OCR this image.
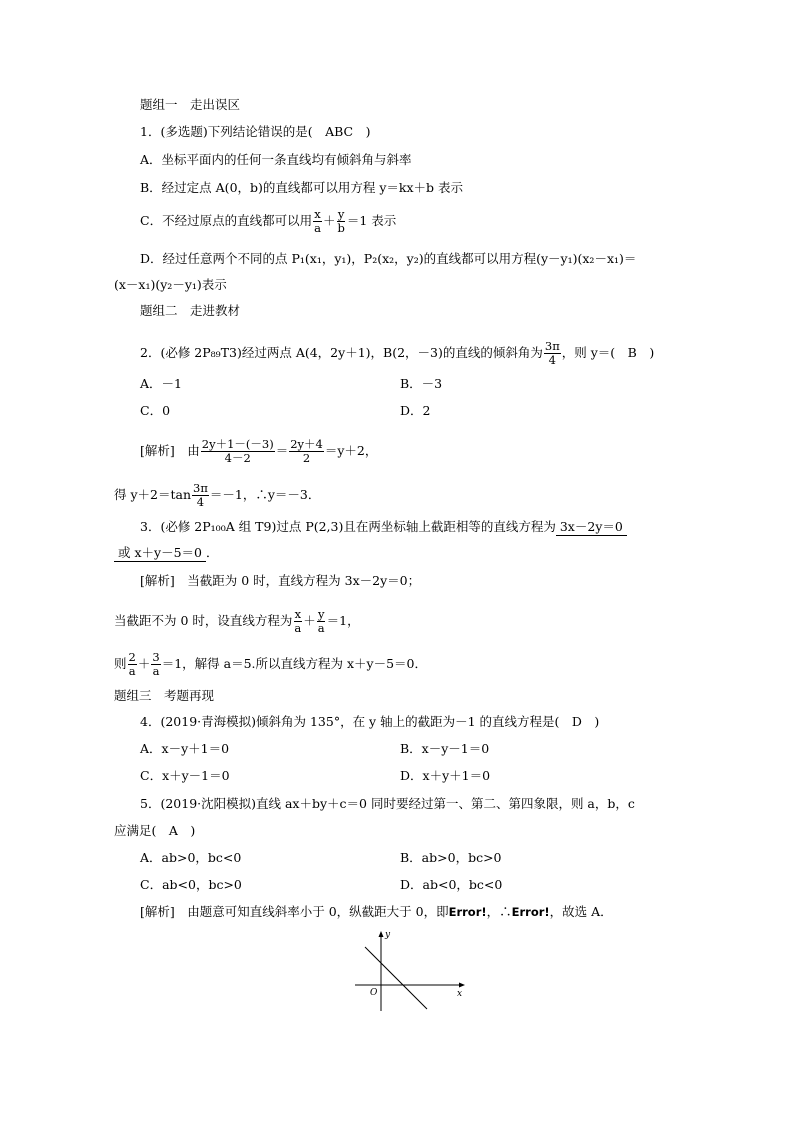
题组一　走出误区
1．(多选题)下列结论错误的是(　ABC　)
A．坐标平面内的任何一条直线均有倾斜角与斜率
B．经过定点 A(0，b)的直线都可以用方程 y＝kx＋b 表示
C．不经过原点的直线都可以用 $\frac{x}{a} + \frac{y}{b} =1$ 表示
D．经过任意两个不同的点 P₁(x₁，y₁)，P₂(x₂，y₂)的直线都可以用方程(y－y₁)(x₂－x₁)＝
(x－x₁)(y₂－y₁)表示
题组二　走进教材
2．(必修 2P₈₉T3)经过两点 A(4，2y＋1)，B(2，－3)的直线的倾斜角为 $\frac{3\pi}{4}$ ，则 y＝(　B　)
A．－1	B．－3
C．0	D．2
[解析]　由 $\frac{2y+1-(-3)}{4-2} = \frac{2y+4}{2} =y+2$，
得 $y+2=\tan \frac{3\pi}{4} =-1$，∴y＝－3．
3．(必修 2P₁₀₀A 组 T9)过点 P(2,3)且在两坐标轴上截距相等的直线方程为 3x－2y＝0
或 x＋y－5＝0 ．
[解析]　当截距为 0 时，直线方程为 3x－2y＝0；
当截距不为 0 时，设直线方程为 $\frac{x}{a} + \frac{y}{a} =1$，
则 $\frac{2}{a} + \frac{3}{a} =1$，解得 a＝5.所以直线方程为 x＋y－5＝0．
题组三　考题再现
4．(2019·青海模拟)倾斜角为 135°，在 y 轴上的截距为－1 的直线方程是(　D　)
A．x－y＋1＝0	B．x－y－1＝0
C．x＋y－1＝0	D．x＋y＋1＝0
5．(2019·沈阳模拟)直线 ax＋by＋c＝0 同时要经过第一、第二、第四象限，则 a，b，c
应满足(　A　)
A．ab>0，bc<0	B．ab>0，bc>0
C．ab<0，bc>0	D．ab<0，bc<0
[解析]　由题意可知直线斜率小于 0，纵截距大于 0，即Error!，∴Error!，故选 A．
y
x
O
